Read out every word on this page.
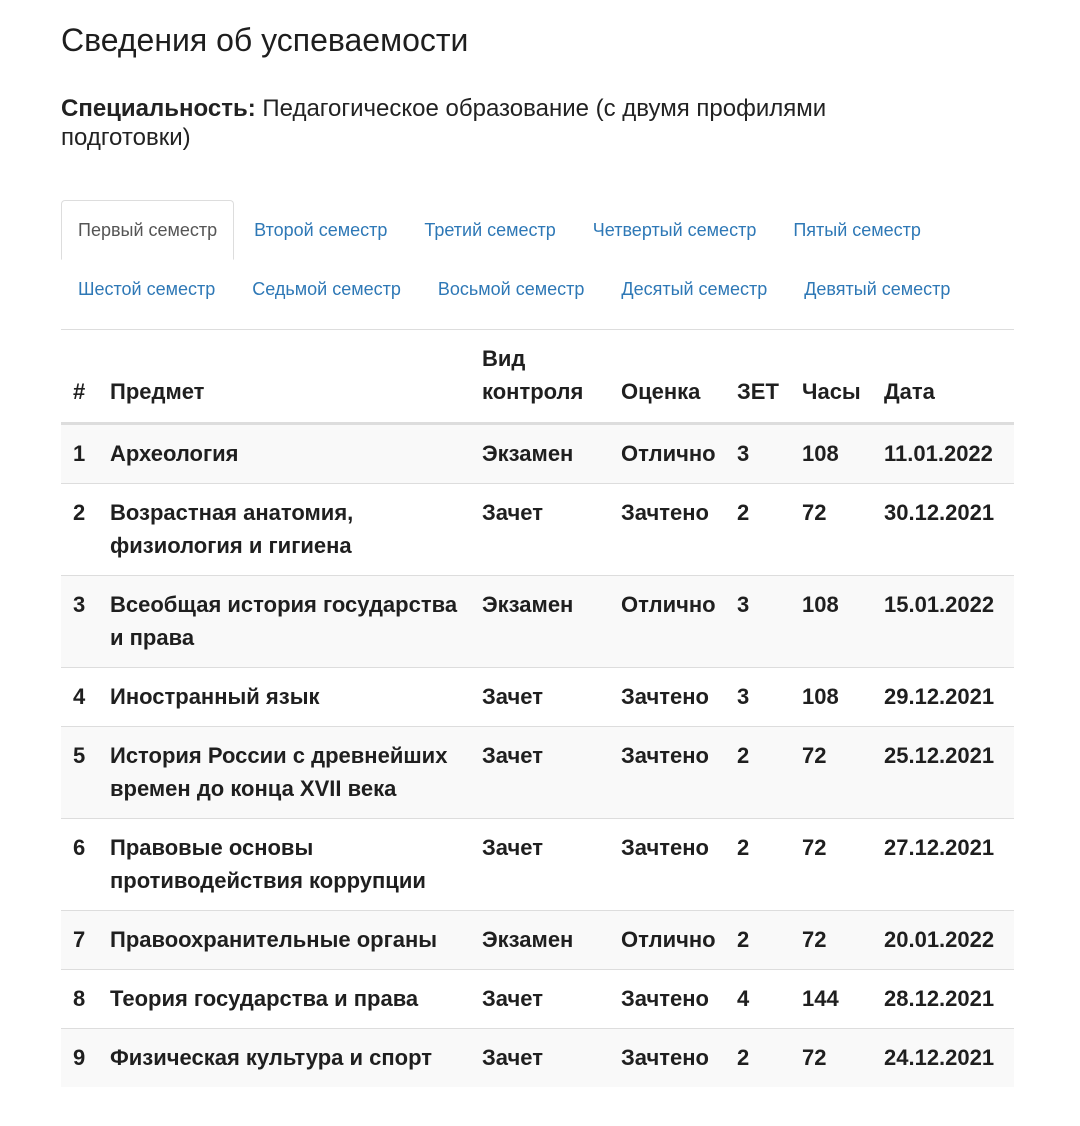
Сведения об успеваемости
Специальность: Педагогическое образование (с двумя профилями подготовки)
Первый семестр	Второй семестр	Третий семестр	Четвертый семестр	Пятый семестр
Шестой семестр	Седьмой семестр	Восьмой семестр	Десятый семестр	Девятый семестр
#	Предмет	Вид контроля	Оценка	ЗЕТ	Часы	Дата
1	Археология	Экзамен	Отлично	3	108	11.01.2022
2	Возрастная анатомия, физиология и гигиена	Зачет	Зачтено	2	72	30.12.2021
3	Всеобщая история государства и права	Экзамен	Отлично	3	108	15.01.2022
4	Иностранный язык	Зачет	Зачтено	3	108	29.12.2021
5	История России с древнейших времен до конца XVII века	Зачет	Зачтено	2	72	25.12.2021
6	Правовые основы противодействия коррупции	Зачет	Зачтено	2	72	27.12.2021
7	Правоохранительные органы	Экзамен	Отлично	2	72	20.01.2022
8	Теория государства и права	Зачет	Зачтено	4	144	28.12.2021
9	Физическая культура и спорт	Зачет	Зачтено	2	72	24.12.2021
